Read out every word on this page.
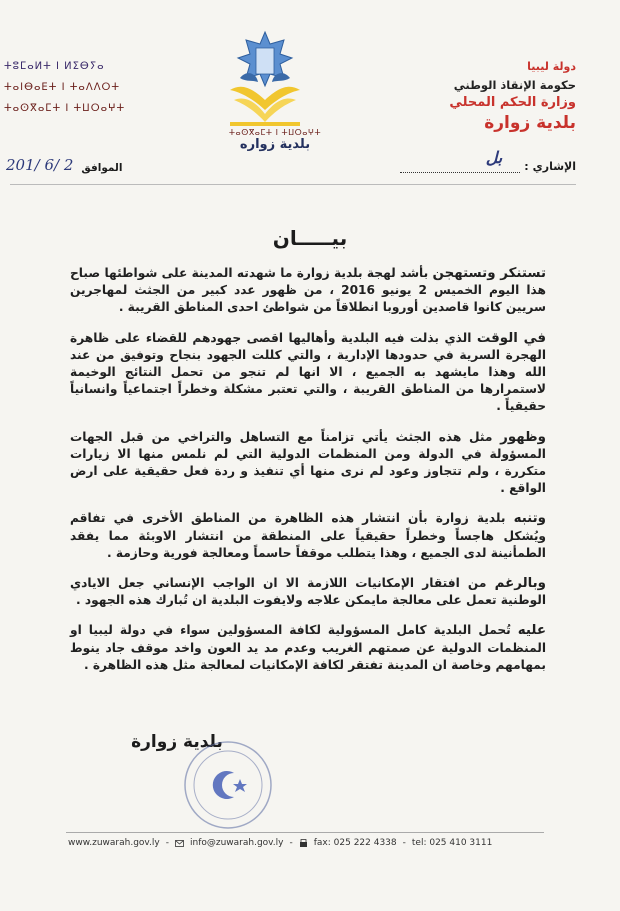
دولة ليبيا
حكومة الإنقاذ الوطني
وزارة الحكم المحلي
بلدية زوارة
ⵜⵓⵎⴰⵍⵜ ⵏ ⵍⵉⴱⵢⴰ
ⵜⴰⵏⴱⴰⴹⵜ ⵏ ⵜⴰⴷⴷⵔⵜ
ⵜⴰⵙⴳⴰⵎⵜ ⵏ ⵜⵡⵔⴰⵖⵜ
ⵜⴰⵙⴳⴰⵎⵜ ⵏ ⵜⵡⵔⴰⵖⵜ
بلدية زواره
الإشاري
:
بل
201/ 6/ 2 الموافق
بيـــــان

تستنكر وتستهجن بأشد لهجة بلدية زوارة ما شهدته المدينة على شواطئها صباح هذا اليوم الخميس 2 يونيو 2016 ، من ظهور عدد كبير من الجثث لمهاجرين سريين كانوا قاصدين أوروبا انطلاقاً من شواطئ احدى المناطق القريبة .

في الوقت الذي بذلت فيه البلدية وأهاليها اقصى جهودهم للقضاء على ظاهرة الهجرة السرية في حدودها الإدارية ، والتي كللت الجهود بنجاح وتوفيق من عند الله وهذا مايشهد به الجميع ، الا انها لم تنجو من تحمل النتائج الوخيمة لاستمرارها من المناطق القريبة ، والتي تعتبر مشكلة وخطراً اجتماعياً وانسانياً حقيقياً .

وظهور مثل هذه الجثث يأتي تزامناً مع التساهل والتراخي من قبل الجهات المسؤولة في الدولة ومن المنظمات الدولية التي لم نلمس منها الا زيارات متكررة ، ولم تتجاوز وعود لم نرى منها أي تنفيذ و ردة فعل حقيقية على ارض الواقع .

وتنبه بلدية زوارة بأن انتشار هذه الظاهرة من المناطق الأخرى في تفاقم ويُشكل هاجساً وخطراً حقيقياً على المنطقة من انتشار الاوبئة مما يفقد الطمأنينة لدى الجميع ، وهذا يتطلب موقفاً حاسماً ومعالجة فورية وحازمة .

وبالرغم من افتقار الإمكانيات اللازمة الا ان الواجب الإنساني جعل الايادي الوطنية تعمل على معالجة مايمكن علاجه ولايفوت البلدية ان تُبارك هذه الجهود .

عليه تُحمل البلدية كامل المسؤولية لكافة المسؤولين سواء في دولة ليبيا او المنظمات الدولية عن صمتهم الغريب وعدم مد يد العون واخد موقف جاد ينوط بمهامهم وخاصة ان المدينة تفتقر لكافة الإمكانيات لمعالجة مثل هذه الظاهرة .

بلدية زوارة
www.zuwarah.gov.ly - info@zuwarah.gov.ly - fax: 025 222 4338 - tel: 025 410 3111
